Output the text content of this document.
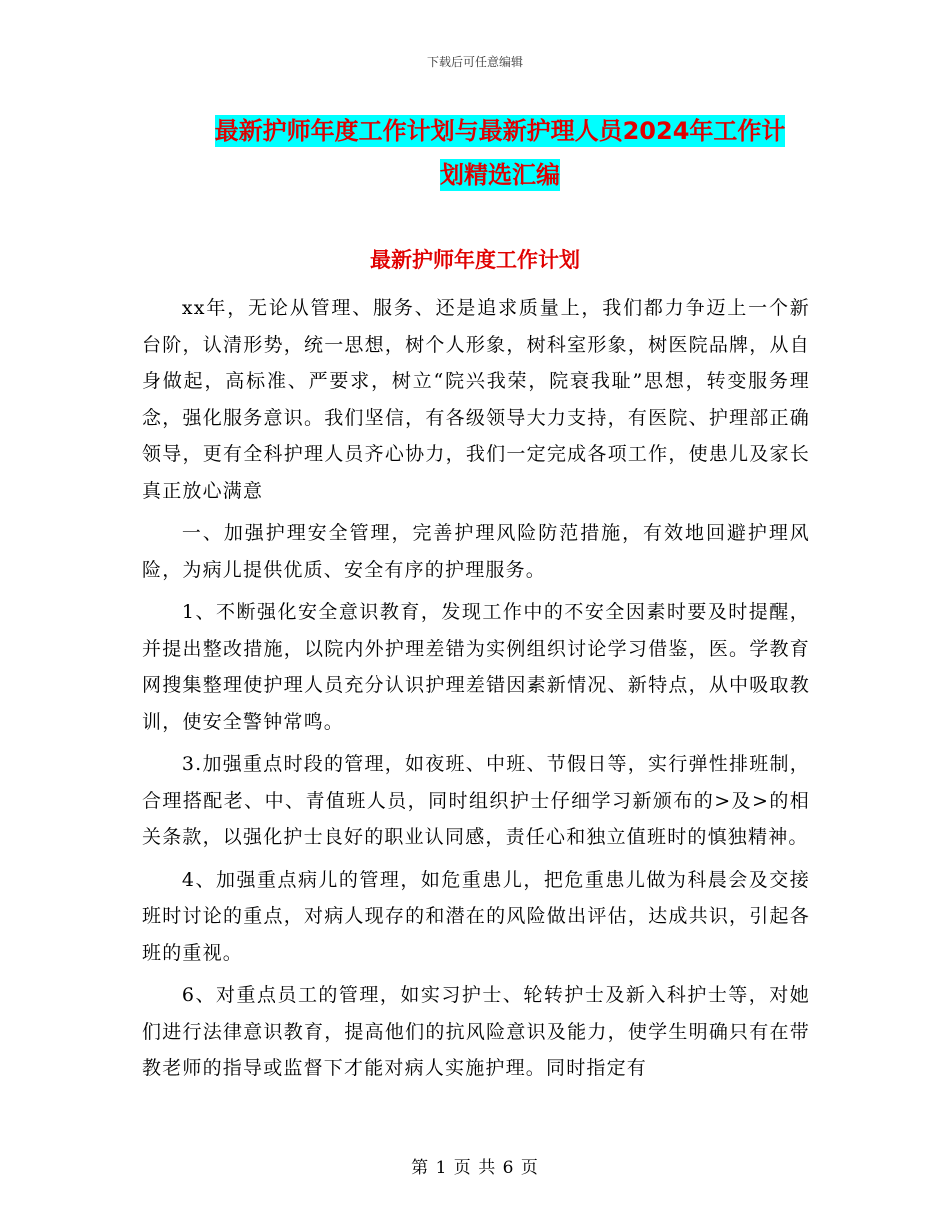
下载后可任意编辑
最新护师年度工作计划与最新护理人员2024年工作计
划精选汇编
最新护师年度工作计划

xx年，无论从管理、服务、还是追求质量上，我们都力争迈上一个新台阶，认清形势，统一思想，树个人形象，树科室形象，树医院品牌，从自身做起，高标准、严要求，树立“院兴我荣，院衰我耻”思想，转变服务理念，强化服务意识。我们坚信，有各级领导大力支持，有医院、护理部正确领导，更有全科护理人员齐心协力，我们一定完成各项工作，使患儿及家长真正放心满意

一、加强护理安全管理，完善护理风险防范措施，有效地回避护理风险，为病儿提供优质、安全有序的护理服务。

1、不断强化安全意识教育，发现工作中的不安全因素时要及时提醒，并提出整改措施，以院内外护理差错为实例组织讨论学习借鉴，医。学教育网搜集整理使护理人员充分认识护理差错因素新情况、新特点，从中吸取教训，使安全警钟常鸣。

3.加强重点时段的管理，如夜班、中班、节假日等，实行弹性排班制，合理搭配老、中、青值班人员，同时组织护士仔细学习新颁布的>及>的相关条款，以强化护士良好的职业认同感，责任心和独立值班时的慎独精神。

4、加强重点病儿的管理，如危重患儿，把危重患儿做为科晨会及交接班时讨论的重点，对病人现存的和潜在的风险做出评估，达成共识，引起各班的重视。

6、对重点员工的管理，如实习护士、轮转护士及新入科护士等，对她们进行法律意识教育，提高他们的抗风险意识及能力，使学生明确只有在带教老师的指导或监督下才能对病人实施护理。同时指定有

第 1 页 共 6 页
